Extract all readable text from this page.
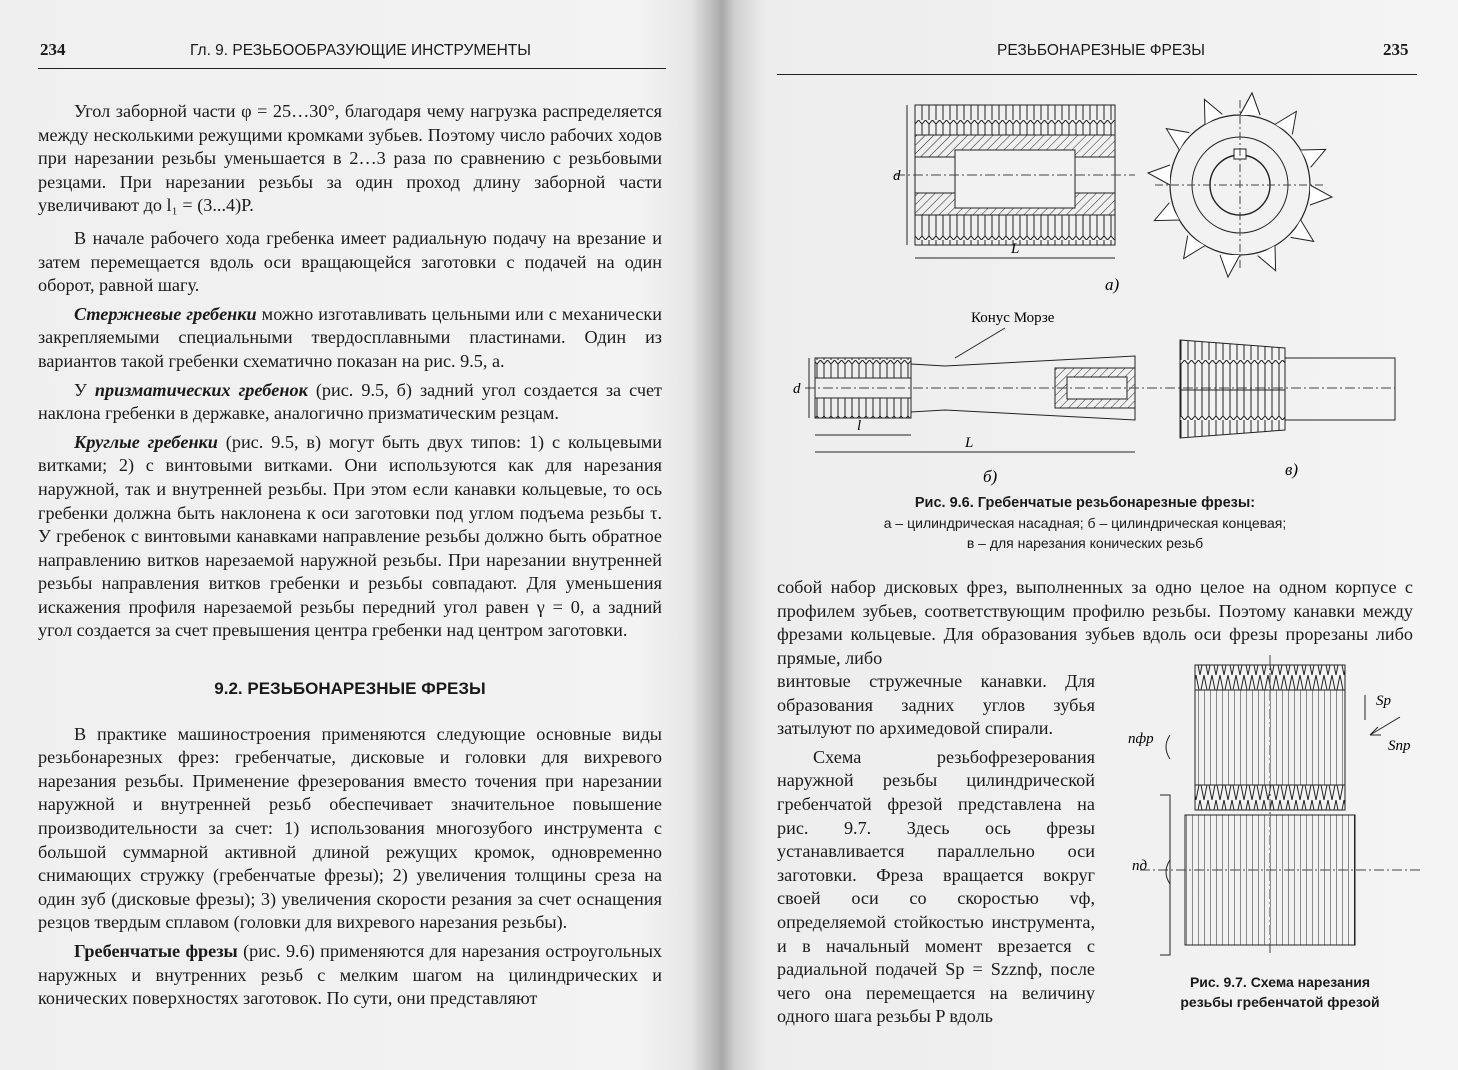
234	Гл. 9. РЕЗЬБООБРАЗУЮЩИЕ ИНСТРУМЕНТЫ

Угол заборной части φ = 25…30°, благодаря чему нагрузка распределяется между несколькими режущими кромками зубьев. Поэтому число рабочих ходов при нарезании резьбы уменьшается в 2…3 раза по сравнению с резьбовыми резцами. При нарезании резьбы за один проход длину заборной части увеличивают до l₁ = (3...4)P.

В начале рабочего хода гребенка имеет радиальную подачу на врезание и затем перемещается вдоль оси вращающейся заготовки с подачей на один оборот, равной шагу.

Стержневые гребенки можно изготавливать цельными или с механически закрепляемыми специальными твердосплавными пластинами. Один из вариантов такой гребенки схематично показан на рис. 9.5, а.

У призматических гребенок (рис. 9.5, б) задний угол создается за счет наклона гребенки в державке, аналогично призматическим резцам.

Круглые гребенки (рис. 9.5, в) могут быть двух типов: 1) с кольцевыми витками; 2) с винтовыми витками. Они используются как для нарезания наружной, так и внутренней резьбы. При этом если канавки кольцевые, то ось гребенки должна быть наклонена к оси заготовки под углом подъема резьбы τ. У гребенок с винтовыми канавками направление резьбы должно быть обратное направлению витков нарезаемой наружной резьбы. При нарезании внутренней резьбы направления витков гребенки и резьбы совпадают. Для уменьшения искажения профиля нарезаемой резьбы передний угол равен γ = 0, а задний угол создается за счет превышения центра гребенки над центром заготовки.

9.2. РЕЗЬБОНАРЕЗНЫЕ ФРЕЗЫ

В практике машиностроения применяются следующие основные виды резьбонарезных фрез: гребенчатые, дисковые и головки для вихревого нарезания резьбы. Применение фрезерования вместо точения при нарезании наружной и внутренней резьб обеспечивает значительное повышение производительности за счет: 1) использования многозубого инструмента с большой суммарной активной длиной режущих кромок, одновременно снимающих стружку (гребенчатые фрезы); 2) увеличения толщины среза на один зуб (дисковые фрезы); 3) увеличения скорости резания за счет оснащения резцов твердым сплавом (головки для вихревого нарезания резьбы).

Гребенчатые фрезы (рис. 9.6) применяются для нарезания остроугольных наружных и внутренних резьб с мелким шагом на цилиндрических и конических поверхностях заготовок. По сути, они представляют

РЕЗЬБОНАРЕЗНЫЕ ФРЕЗЫ	235
d
L
а)
Конус Морзе
d
l
L
б)	в)
Рис. 9.6. Гребенчатые резьбонарезные фрезы:
а – цилиндрическая насадная; б – цилиндрическая концевая;
в – для нарезания конических резьб

собой набор дисковых фрез, выполненных за одно целое на одном корпусе с профилем зубьев, соответствующим профилю резьбы. Поэтому канавки между фрезами кольцевые. Для образования зубьев вдоль оси фрезы прорезаны либо прямые, либо

винтовые стружечные канавки. Для образования задних углов зубья затылуют по архимедовой спирали.

Схема резьбофрезерования наружной резьбы цилиндрической гребенчатой фрезой представлена на рис. 9.7. Здесь ось фрезы устанавливается параллельно оси заготовки. Фреза вращается вокруг своей оси со скоростью vф, определяемой стойкостью инструмента, и в начальный момент врезается с радиальной подачей Sр = Szznф, после чего она перемещается на величину одного шага резьбы P вдоль

Sр
Sпр
nфр
nд
Рис. 9.7. Схема нарезания
резьбы гребенчатой фрезой
